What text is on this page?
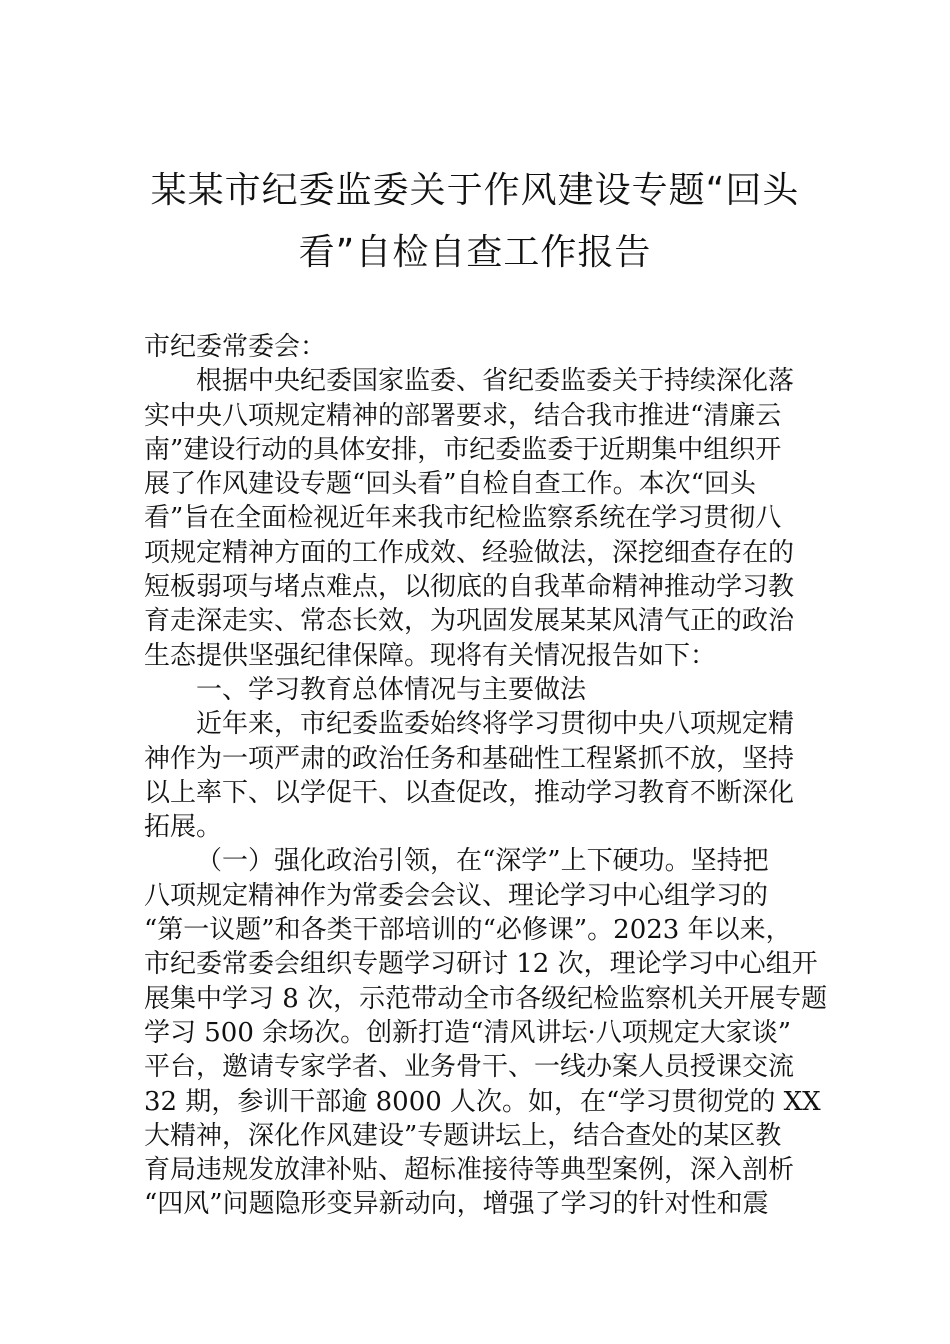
某某市纪委监委关于作风建设专题“回头
看”自检自查工作报告
市纪委常委会：
根据中央纪委国家监委、省纪委监委关于持续深化落
实中央八项规定精神的部署要求，结合我市推进“清廉云
南”建设行动的具体安排，市纪委监委于近期集中组织开
展了作风建设专题“回头看”自检自查工作。本次“回头
看”旨在全面检视近年来我市纪检监察系统在学习贯彻八
项规定精神方面的工作成效、经验做法，深挖细查存在的
短板弱项与堵点难点，以彻底的自我革命精神推动学习教
育走深走实、常态长效，为巩固发展某某风清气正的政治
生态提供坚强纪律保障。现将有关情况报告如下：
一、学习教育总体情况与主要做法
近年来，市纪委监委始终将学习贯彻中央八项规定精
神作为一项严肃的政治任务和基础性工程紧抓不放，坚持
以上率下、以学促干、以查促改，推动学习教育不断深化
拓展。
（一）强化政治引领，在“深学”上下硬功。坚持把
八项规定精神作为常委会会议、理论学习中心组学习的
“第一议题”和各类干部培训的“必修课”。2023 年以来，
市纪委常委会组织专题学习研讨 12 次，理论学习中心组开
展集中学习 8 次，示范带动全市各级纪检监察机关开展专题
学习 500 余场次。创新打造“清风讲坛·八项规定大家谈”
平台，邀请专家学者、业务骨干、一线办案人员授课交流
32 期，参训干部逾 8000 人次。如，在“学习贯彻党的 XX
大精神，深化作风建设”专题讲坛上，结合查处的某区教
育局违规发放津补贴、超标准接待等典型案例，深入剖析
“四风”问题隐形变异新动向，增强了学习的针对性和震
